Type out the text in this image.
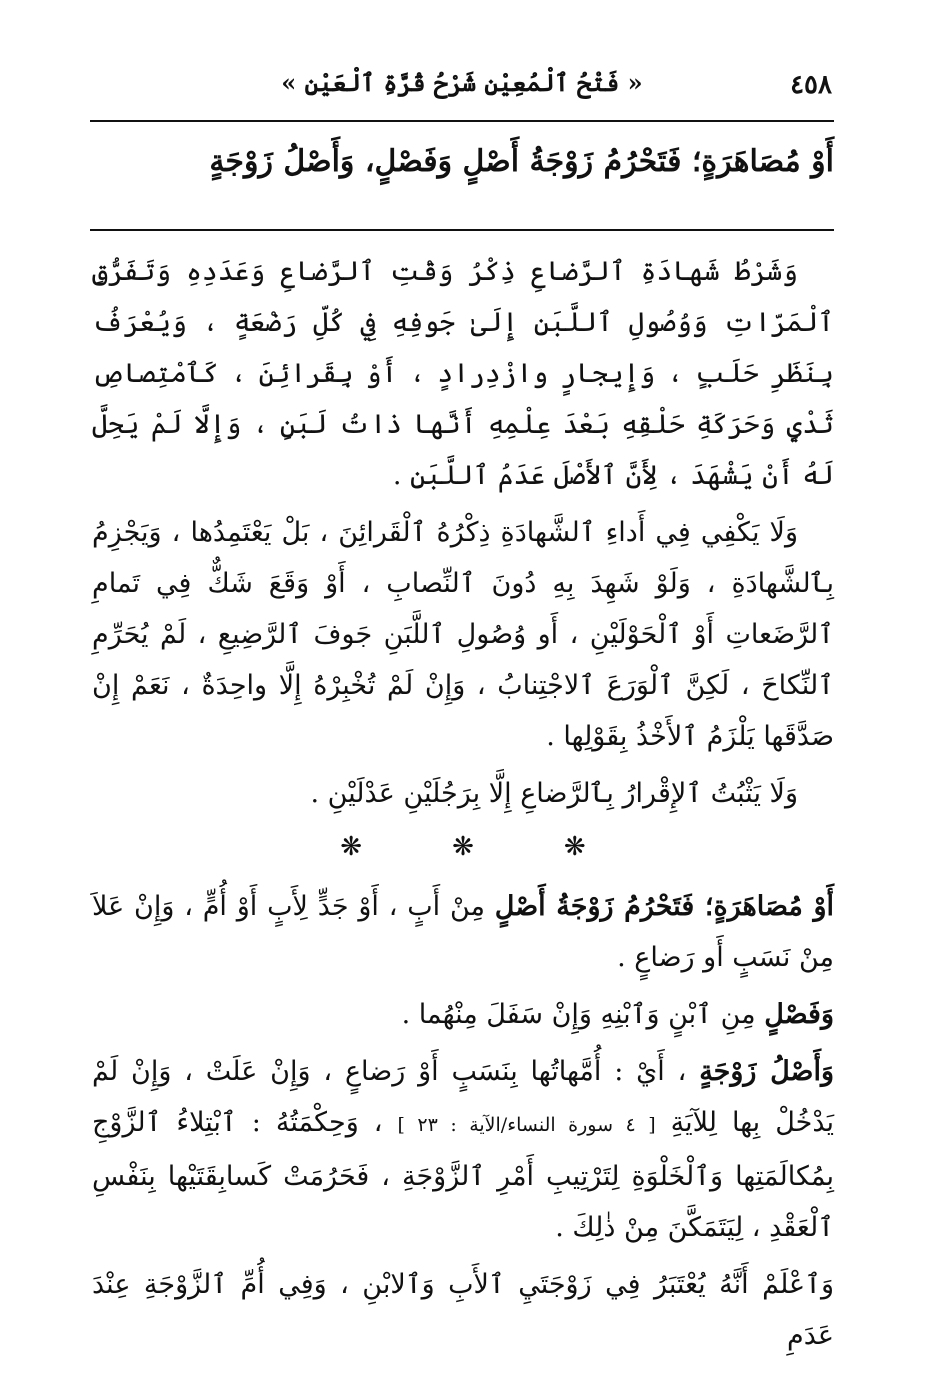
٤٥٨
« فَتْحُ ٱلْمُعِيْنِ شَرْحُ قُرَّةِ ٱلْعَيْنِ »
أَوْ مُصَاهَرَةٍ؛ فَتَحْرُمُ زَوْجَةُ أَصْلٍ وَفَصْلٍ، وَأَصْلُ زَوْجَةٍ

وَشَرْطُ شَهادَةِ ٱلرَّضاعِ ذِكْرُ وَقْتِ ٱلرَّضاعِ وَعَدَدِهِ وَتَفَرُّقِ ٱلْمَرّاتِ وَوُصُولِ ٱللَّبَنِ إِلَىٰ جَوفِهِ فِي كُلِّ رَضْعَةٍ ، وَيُعْرَفُ بِنَظَرِ حَلَبٍ ، وَإِيجارٍ وازْدِرادٍ ، أَوْ بِقَرائِنَ ، كَٱمْتِصاصِ ثَدْيٍ وَحَرَكَةِ حَلْقِهِ بَعْدَ عِلْمِهِ أَنَّها ذاتُ لَبَنٍ ، وَإِلَّا لَمْ يَحِلَّ لَهُ أَنْ يَشْهَدَ ، لِأَنَّ ٱلأَصْلَ عَدَمُ ٱللَّبَنِ .

وَلَا يَكْفِي فِي أَداءِ ٱلشَّهادَةِ ذِكْرُهُ ٱلْقَرائِنَ ، بَلْ يَعْتَمِدُها ، وَيَجْزِمُ بِٱلشَّهادَةِ ، وَلَوْ شَهِدَ بِهِ دُونَ ٱلنِّصابِ ، أَوْ وَقَعَ شَكٌّ فِي تَمامِ ٱلرَّضَعاتِ أَوْ ٱلْحَوْلَيْنِ ، أَو وُصُولِ ٱللَّبَنِ جَوفَ ٱلرَّضِيعِ ، لَمْ يُحَرِّمِ ٱلنِّكاحَ ، لَكِنَّ ٱلْوَرَعَ ٱلاجْتِنابُ ، وَإِنْ لَمْ تُخْبِرْهُ إِلَّا واحِدَةٌ ، نَعَمْ إِنْ صَدَّقَها يَلْزَمُ ٱلأَخْذُ بِقَوْلِها .

وَلَا يَثْبُتُ ٱلإِقْرارُ بِٱلرَّضاعِ إِلَّا بِرَجُلَيْنِ عَدْلَيْنِ .

❋	❋	❋

أَوْ مُصَاهَرَةٍ؛ فَتَحْرُمُ زَوْجَةُ أَصْلٍ مِنْ أَبٍ ، أَوْ جَدٍّ لِأَبٍ أَوْ أُمٍّ ، وَإِنْ عَلاَ مِنْ نَسَبٍ أَو رَضاعٍ .

وَفَصْلٍ مِنِ ٱبْنٍ وَٱبْنِهِ وَإِنْ سَفَلَ مِنْهُما .

وَأَصْلُ زَوْجَةٍ ، أَيْ : أُمَّهاتُها بِنَسَبٍ أَوْ رَضاعٍ ، وَإِنْ عَلَتْ ، وَإِنْ لَمْ يَدْخُلْ بِها لِلآيَةِ [ ٤ سورة النساء/الآية : ٢٣ ] ، وَحِكْمَتُهُ : ٱبْتِلاءُ ٱلزَّوْجِ بِمُكالَمَتِها وَٱلْخَلْوَةِ لِتَرْتِيبِ أَمْرِ ٱلزَّوْجَةِ ، فَحَرُمَتْ كَسابِقَتَيْها بِنَفْسِ ٱلْعَقْدِ ، لِيَتَمَكَّنَ مِنْ ذٰلِكَ .

وَٱعْلَمْ أَنَّهُ يُعْتَبَرُ فِي زَوْجَتَيِ ٱلأَبِ وَٱلابْنِ ، وَفِي أُمِّ ٱلزَّوْجَةِ عِنْدَ عَدَمِ
